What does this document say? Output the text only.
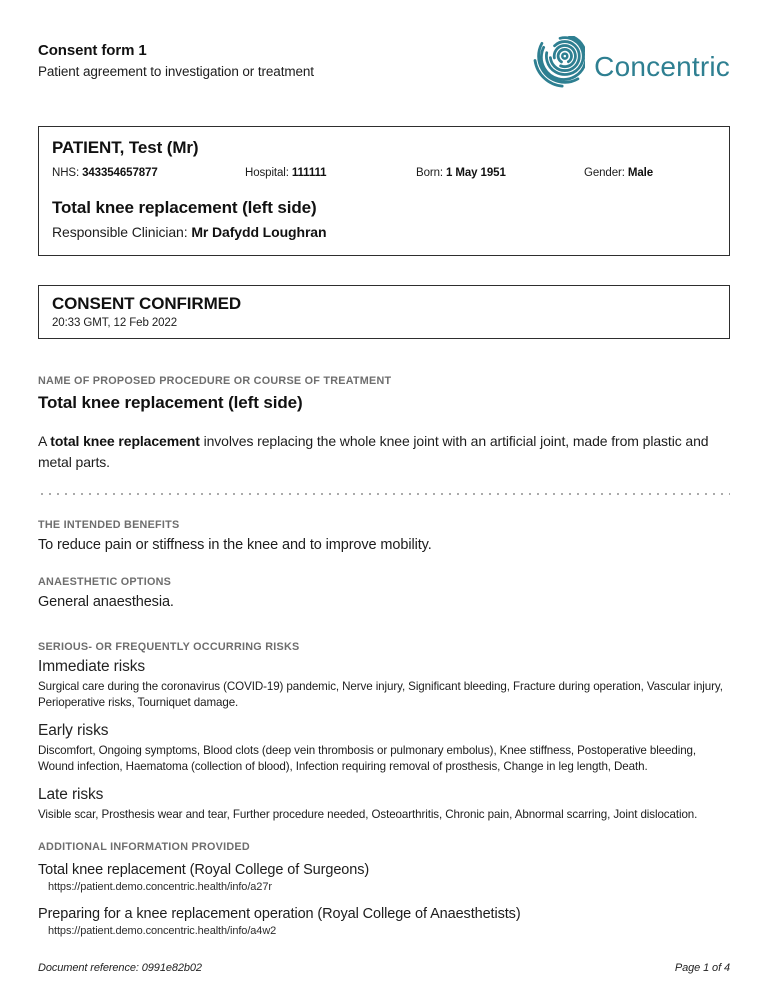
Consent form 1
Patient agreement to investigation or treatment	Concentric
PATIENT, Test (Mr)
NHS: 343354657877	Hospital: 111111	Born: 1 May 1951	Gender: Male
Total knee replacement (left side)
Responsible Clinician: Mr Dafydd Loughran
CONSENT CONFIRMED
20:33 GMT, 12 Feb 2022
NAME OF PROPOSED PROCEDURE OR COURSE OF TREATMENT
Total knee replacement (left side)
A total knee replacement involves replacing the whole knee joint with an artificial joint, made from plastic and metal parts.
THE INTENDED BENEFITS
To reduce pain or stiffness in the knee and to improve mobility.
ANAESTHETIC OPTIONS
General anaesthesia.
SERIOUS- OR FREQUENTLY OCCURRING RISKS
Immediate risks
Surgical care during the coronavirus (COVID-19) pandemic, Nerve injury, Significant bleeding, Fracture during operation, Vascular injury, Perioperative risks, Tourniquet damage.
Early risks
Discomfort, Ongoing symptoms, Blood clots (deep vein thrombosis or pulmonary embolus), Knee stiffness, Postoperative bleeding, Wound infection, Haematoma (collection of blood), Infection requiring removal of prosthesis, Change in leg length, Death.
Late risks
Visible scar, Prosthesis wear and tear, Further procedure needed, Osteoarthritis, Chronic pain, Abnormal scarring, Joint dislocation.
ADDITIONAL INFORMATION PROVIDED
Total knee replacement (Royal College of Surgeons)
https://patient.demo.concentric.health/info/a27r
Preparing for a knee replacement operation (Royal College of Anaesthetists)
https://patient.demo.concentric.health/info/a4w2
Document reference: 0991e82b02	Page 1 of 4
